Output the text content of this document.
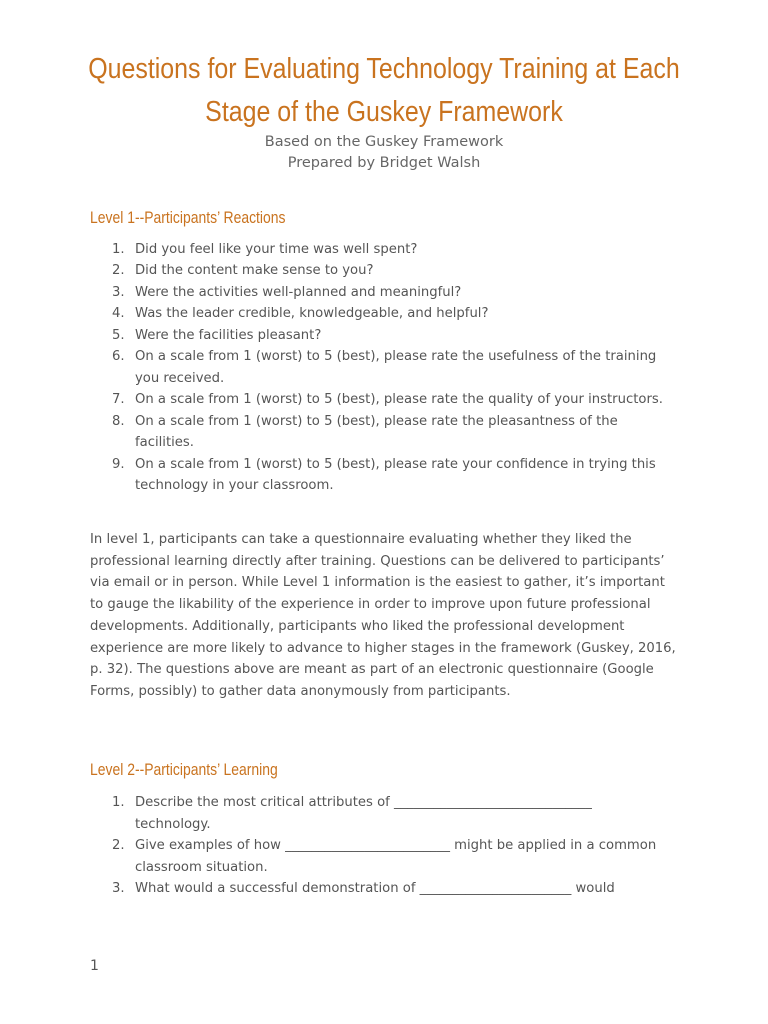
Questions for Evaluating Technology Training at Each Stage of the Guskey Framework

Based on the Guskey Framework

Prepared by Bridget Walsh

Level 1--Participants’ Reactions
1. Did you feel like your time was well spent?
2. Did the content make sense to you?
3. Were the activities well-planned and meaningful?
4. Was the leader credible, knowledgeable, and helpful?
5. Were the facilities pleasant?
6. On a scale from 1 (worst) to 5 (best), please rate the usefulness of the training you received.
7. On a scale from 1 (worst) to 5 (best), please rate the quality of your instructors.
8. On a scale from 1 (worst) to 5 (best), please rate the pleasantness of the facilities.
9. On a scale from 1 (worst) to 5 (best), please rate your confidence in trying this technology in your classroom.

In level 1, participants can take a questionnaire evaluating whether they liked the professional learning directly after training. Questions can be delivered to participants’ via email or in person. While Level 1 information is the easiest to gather, it’s important to gauge the likability of the experience in order to improve upon future professional developments. Additionally, participants who liked the professional development experience are more likely to advance to higher stages in the framework (Guskey, 2016, p. 32). The questions above are meant as part of an electronic questionnaire (Google Forms, possibly) to gather data anonymously from participants.

Level 2--Participants’ Learning
1. Describe the most critical attributes of ______________________________ technology.
2. Give examples of how _________________________ might be applied in a common classroom situation.
3. What would a successful demonstration of _______________________ would

1
